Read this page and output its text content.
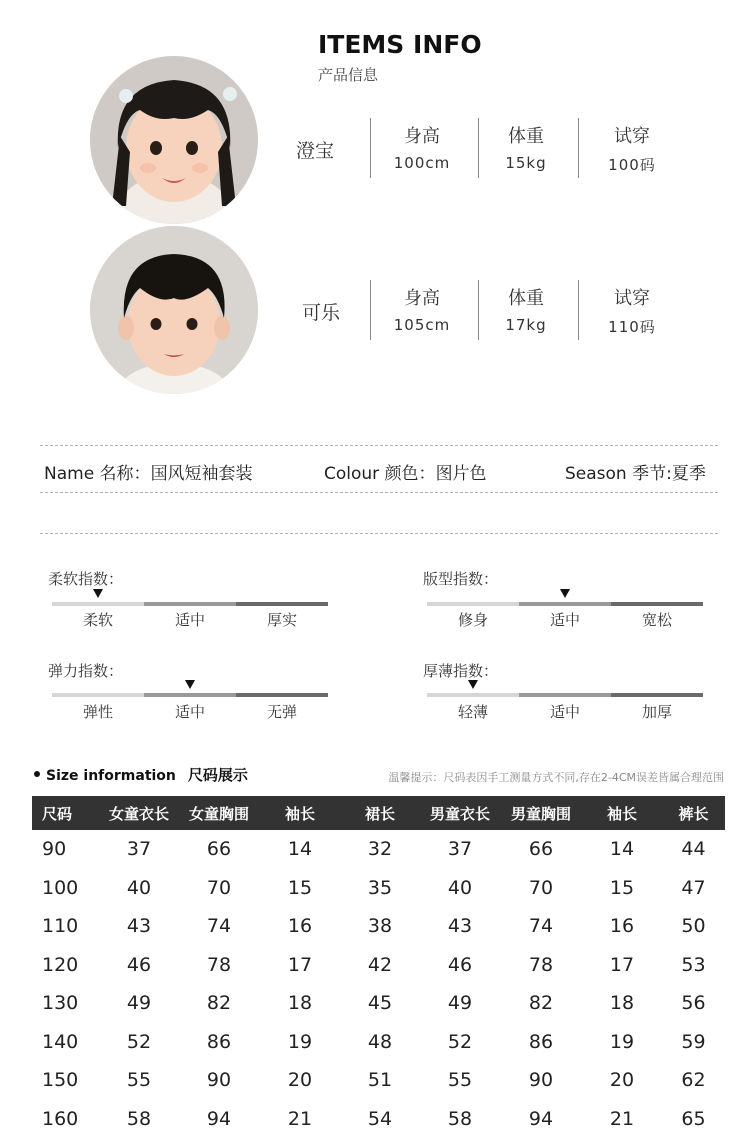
ITEMS INFO
产品信息
澄宝
身高
100cm
体重
15kg
试穿
100码
可乐
身高
105cm
体重
17kg
试穿
110码
Name 名称：国风短袖套装	Colour 颜色：图片色	Season 季节:夏季
柔软指数：
柔软	适中	厚实
版型指数：
修身	适中	宽松
弹力指数：
弹性	适中	无弹
厚薄指数：
轻薄	适中	加厚
Size information 尺码展示	温馨提示：尺码表因手工测量方式不同,存在2-4CM误差皆属合理范围
尺码	女童衣长	女童胸围	袖长	裙长	男童衣长	男童胸围	袖长	裤长
90	37	66	14	32	37	66	14	44
100	40	70	15	35	40	70	15	47
110	43	74	16	38	43	74	16	50
120	46	78	17	42	46	78	17	53
130	49	82	18	45	49	82	18	56
140	52	86	19	48	52	86	19	59
150	55	90	20	51	55	90	20	62
160	58	94	21	54	58	94	21	65
